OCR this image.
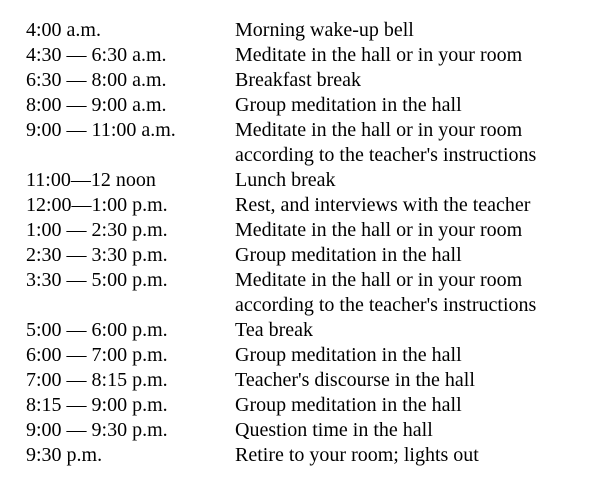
4:00 a.m.	Morning wake-up bell
4:30 — 6:30 a.m.	Meditate in the hall or in your room
6:30 — 8:00 a.m.	Breakfast break
8:00 — 9:00 a.m.	Group meditation in the hall
9:00 — 11:00 a.m.	Meditate in the hall or in your room
according to the teacher's instructions
11:00—12 noon	Lunch break
12:00—1:00 p.m.	Rest, and interviews with the teacher
1:00 — 2:30 p.m.	Meditate in the hall or in your room
2:30 — 3:30 p.m.	Group meditation in the hall
3:30 — 5:00 p.m.	Meditate in the hall or in your room
according to the teacher's instructions
5:00 — 6:00 p.m.	Tea break
6:00 — 7:00 p.m.	Group meditation in the hall
7:00 — 8:15 p.m.	Teacher's discourse in the hall
8:15 — 9:00 p.m.	Group meditation in the hall
9:00 — 9:30 p.m.	Question time in the hall
9:30 p.m.	Retire to your room; lights out
